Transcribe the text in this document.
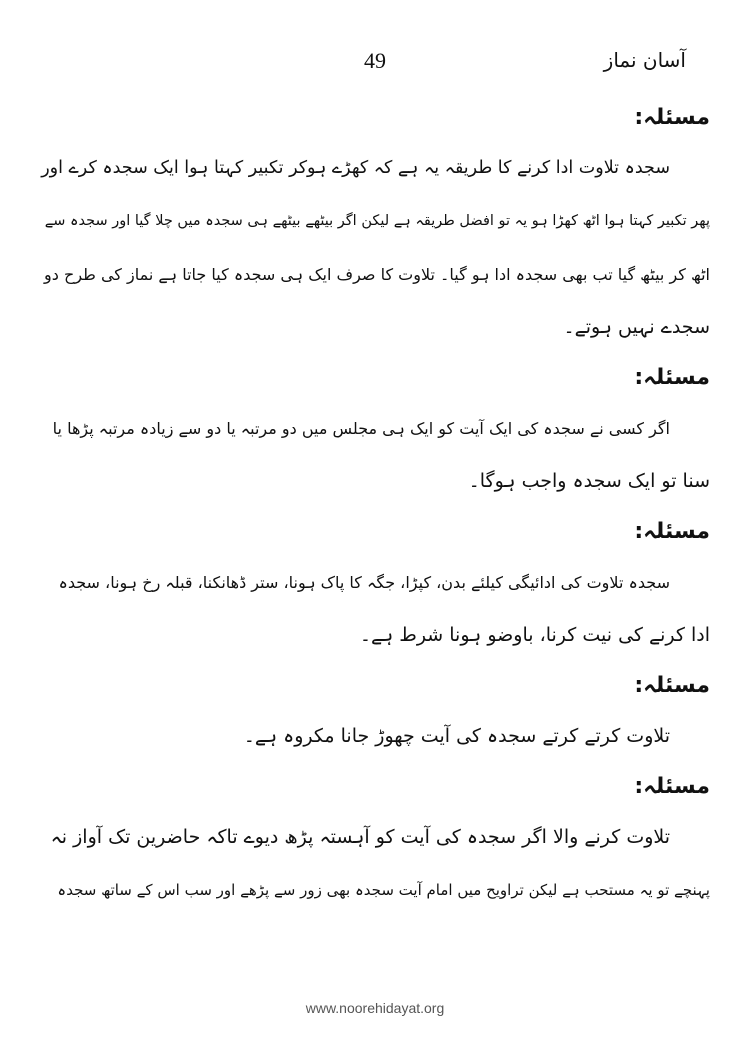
آسان نماز
49
مسئلہ:
سجدہ تلاوت ادا کرنے کا طریقہ یہ ہے کہ کھڑے ہوکر تکبیر کہتا ہوا ایک سجدہ کرے اور
پھر تکبیر کہتا ہوا اٹھ کھڑا ہو یہ تو افضل طریقہ ہے لیکن اگر بیٹھے بیٹھے ہی سجدہ میں چلا گیا اور سجدہ سے
اٹھ کر بیٹھ گیا تب بھی سجدہ ادا ہو گیا۔ تلاوت کا صرف ایک ہی سجدہ کیا جاتا ہے نماز کی طرح دو
سجدے نہیں ہوتے۔
مسئلہ:
اگر کسی نے سجدہ کی ایک آیت کو ایک ہی مجلس میں دو مرتبہ یا دو سے زیادہ مرتبہ پڑھا یا
سنا تو ایک سجدہ واجب ہوگا۔
مسئلہ:
سجدہ تلاوت کی ادائیگی کیلئے بدن، کپڑا، جگہ کا پاک ہونا، ستر ڈھانکنا، قبلہ رخ ہونا، سجدہ
ادا کرنے کی نیت کرنا، باوضو ہونا شرط ہے۔
مسئلہ:
تلاوت کرتے کرتے سجدہ کی آیت چھوڑ جانا مکروہ ہے۔
مسئلہ:
تلاوت کرنے والا اگر سجدہ کی آیت کو آہستہ پڑھ دیوے تاکہ حاضرین تک آواز نہ
پہنچے تو یہ مستحب ہے لیکن تراویح میں امام آیت سجدہ بھی زور سے پڑھے اور سب اس کے ساتھ سجدہ
www.noorehidayat.org
